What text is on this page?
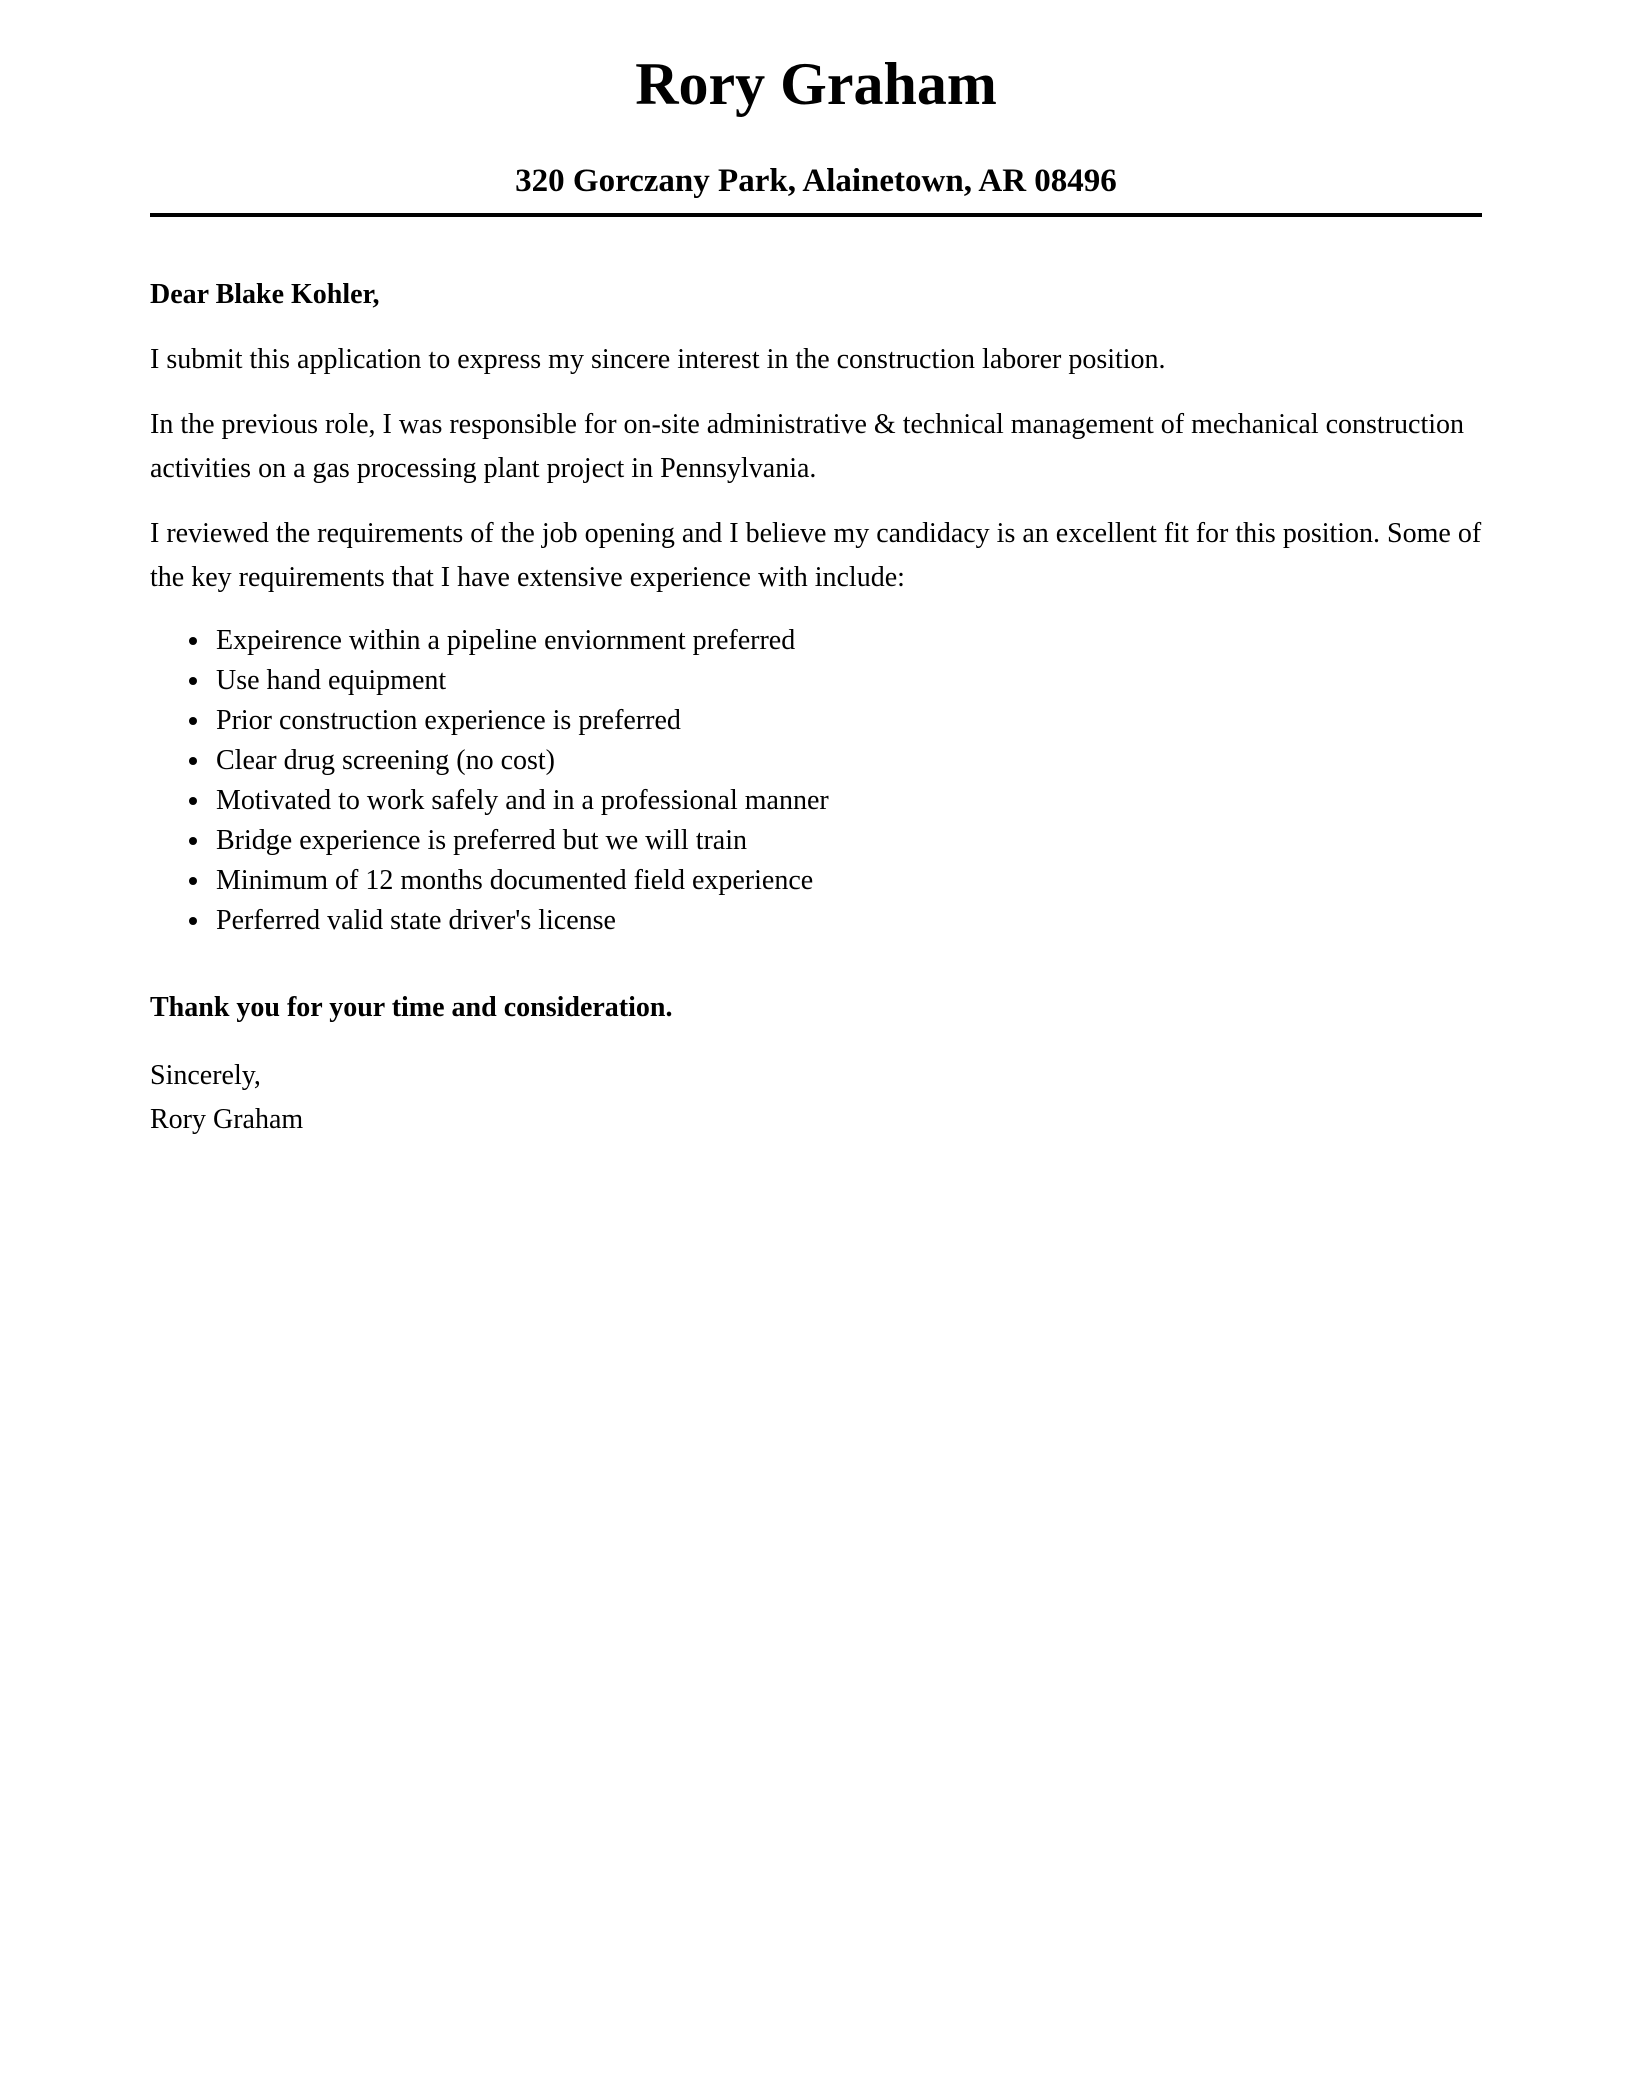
Rory Graham
320 Gorczany Park, Alainetown, AR 08496

Dear Blake Kohler,

I submit this application to express my sincere interest in the construction laborer position.

In the previous role, I was responsible for on-site administrative & technical management of mechanical construction activities on a gas processing plant project in Pennsylvania.

I reviewed the requirements of the job opening and I believe my candidacy is an excellent fit for this position. Some of the key requirements that I have extensive experience with include:

• Expeirence within a pipeline enviornment preferred
• Use hand equipment
• Prior construction experience is preferred
• Clear drug screening (no cost)
• Motivated to work safely and in a professional manner
• Bridge experience is preferred but we will train
• Minimum of 12 months documented field experience
• Perferred valid state driver's license

Thank you for your time and consideration.

Sincerely,
Rory Graham
